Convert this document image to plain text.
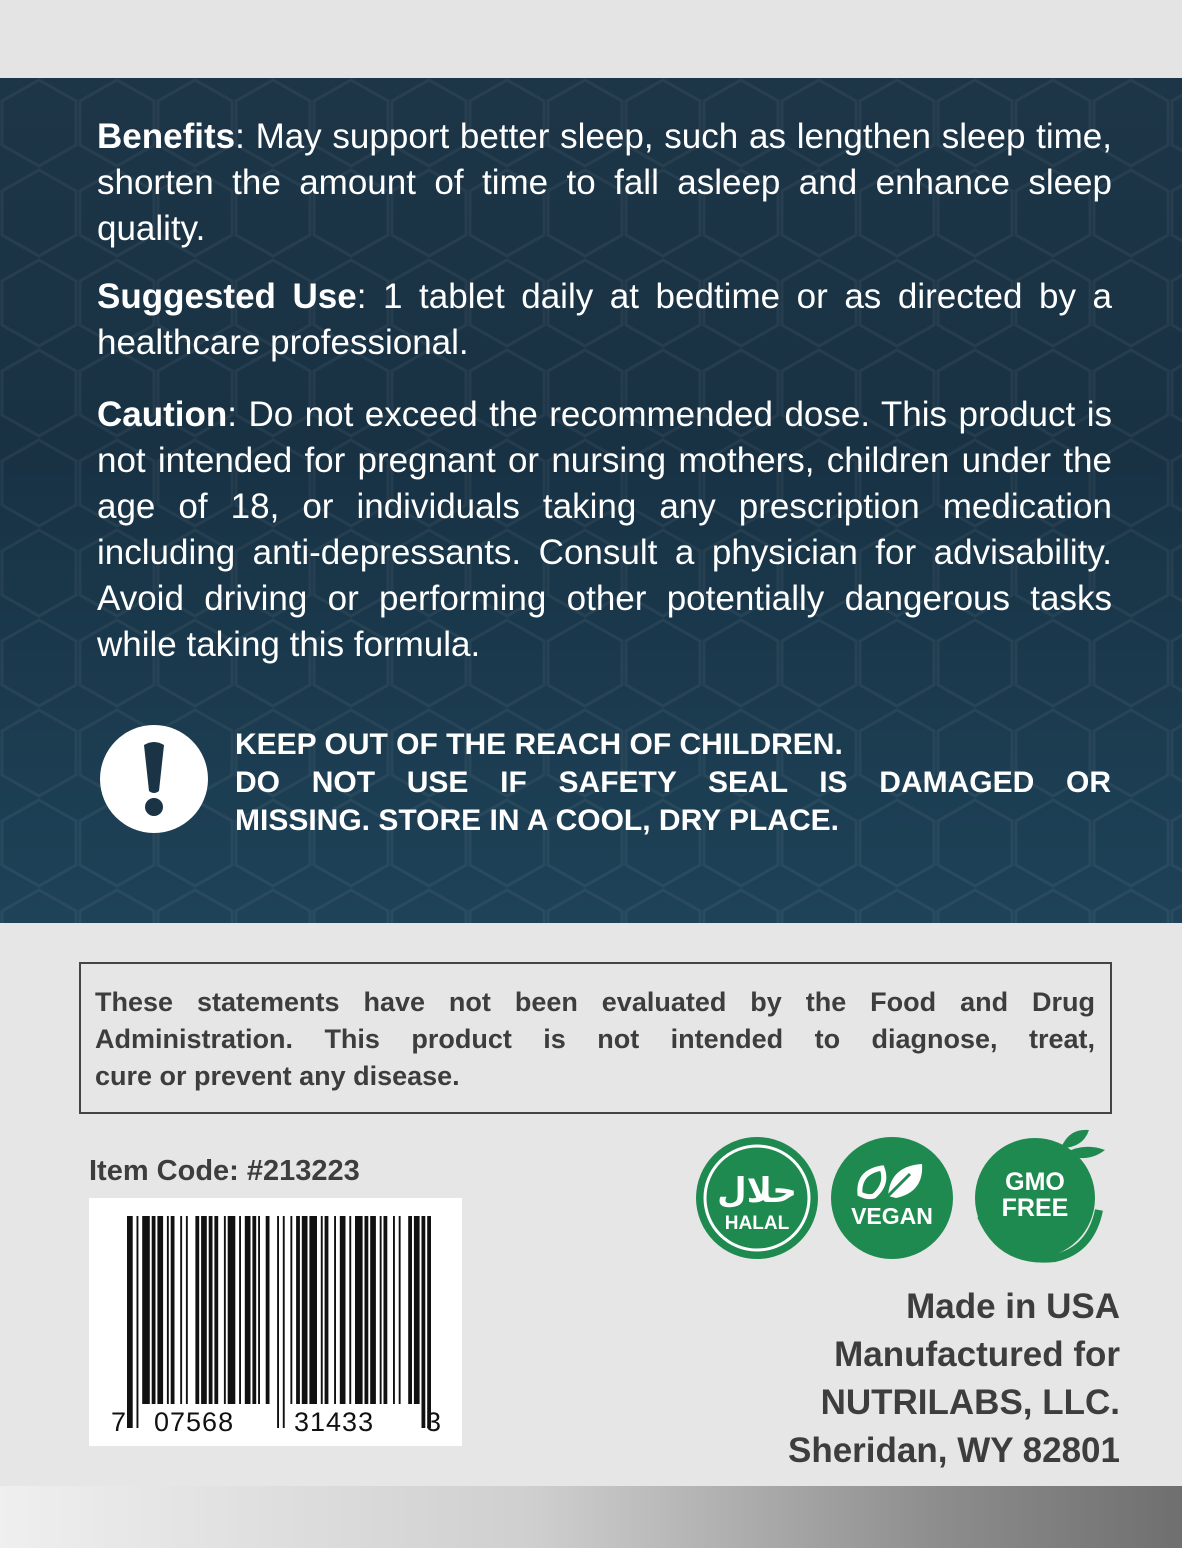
Benefits: May support better sleep, such as lengthen sleep time, shorten the amount of time to fall asleep and enhance sleep quality.

Suggested Use: 1 tablet daily at bedtime or as directed by a healthcare professional.

Caution: Do not exceed the recommended dose. This product is not intended for pregnant or nursing mothers, children under the age of 18, or individuals taking any prescription medication including anti-depressants. Consult a physician for advisability. Avoid driving or performing other potentially dangerous tasks while taking this formula.

KEEP OUT OF THE REACH OF CHILDREN.
DO NOT USE IF SAFETY SEAL IS DAMAGED OR
MISSING. STORE IN A COOL, DRY PLACE.

These statements have not been evaluated by the Food and Drug
Administration. This product is not intended to diagnose, treat,
cure or prevent any disease.

Item Code: #213223
7 07568 31433 3
حلال
HALAL	VEGAN
GMO
FREE
Made in USA
Manufactured for
NUTRILABS, LLC.
Sheridan, WY 82801
